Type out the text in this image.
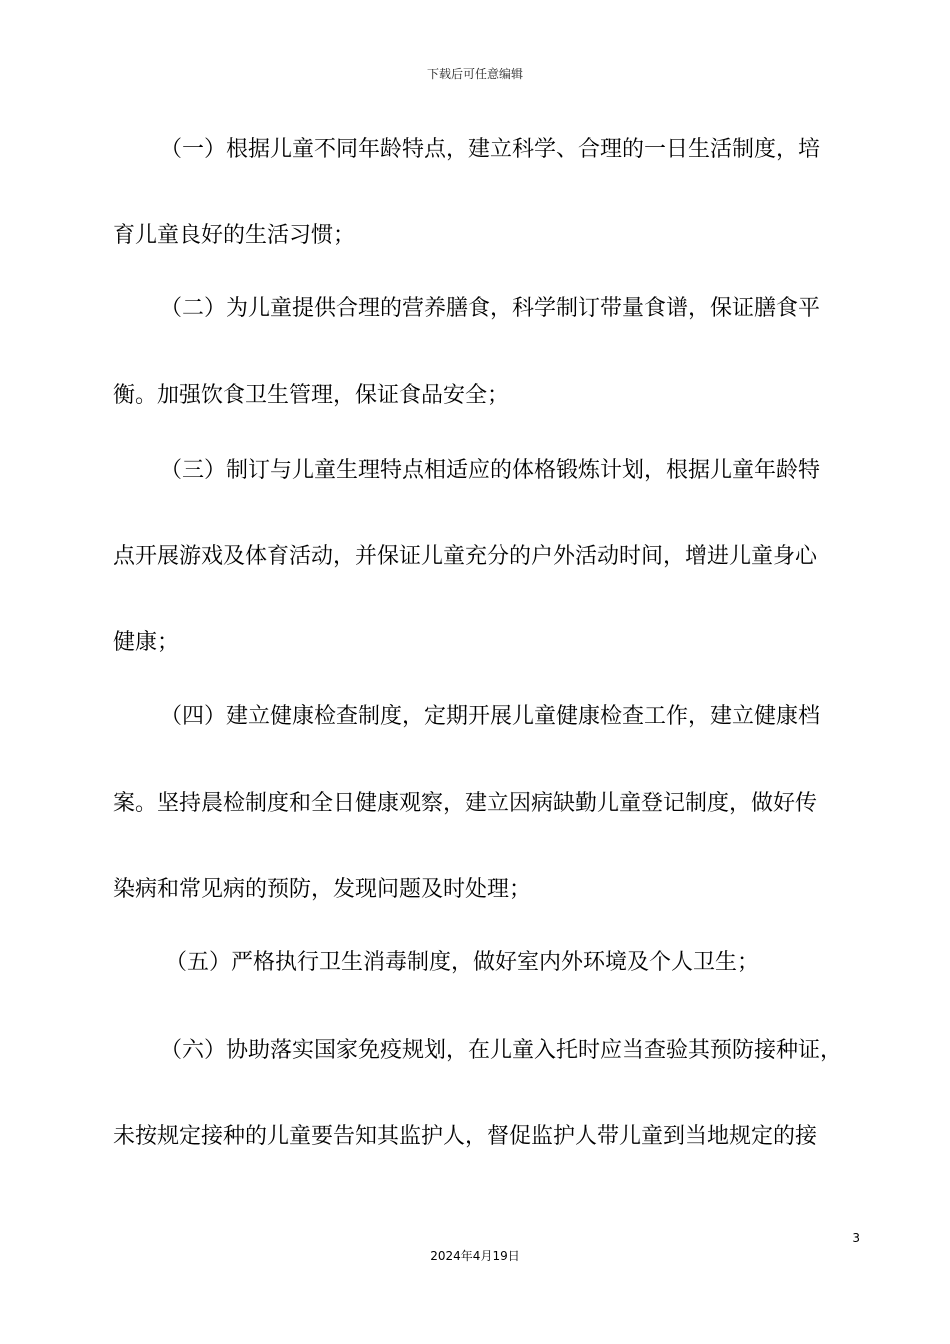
下载后可任意编辑
（一）根据儿童不同年龄特点，建立科学、合理的一日生活制度，培
育儿童良好的生活习惯；
（二）为儿童提供合理的营养膳食，科学制订带量食谱，保证膳食平
衡。加强饮食卫生管理，保证食品安全；
（三）制订与儿童生理特点相适应的体格锻炼计划，根据儿童年龄特
点开展游戏及体育活动，并保证儿童充分的户外活动时间，增进儿童身心
健康；
（四）建立健康检查制度，定期开展儿童健康检查工作，建立健康档
案。坚持晨检制度和全日健康观察，建立因病缺勤儿童登记制度，做好传
染病和常见病的预防，发现问题及时处理；
（五）严格执行卫生消毒制度，做好室内外环境及个人卫生；
（六）协助落实国家免疫规划，在儿童入托时应当查验其预防接种证，
未按规定接种的儿童要告知其监护人，督促监护人带儿童到当地规定的接
3
2024年4月19日
